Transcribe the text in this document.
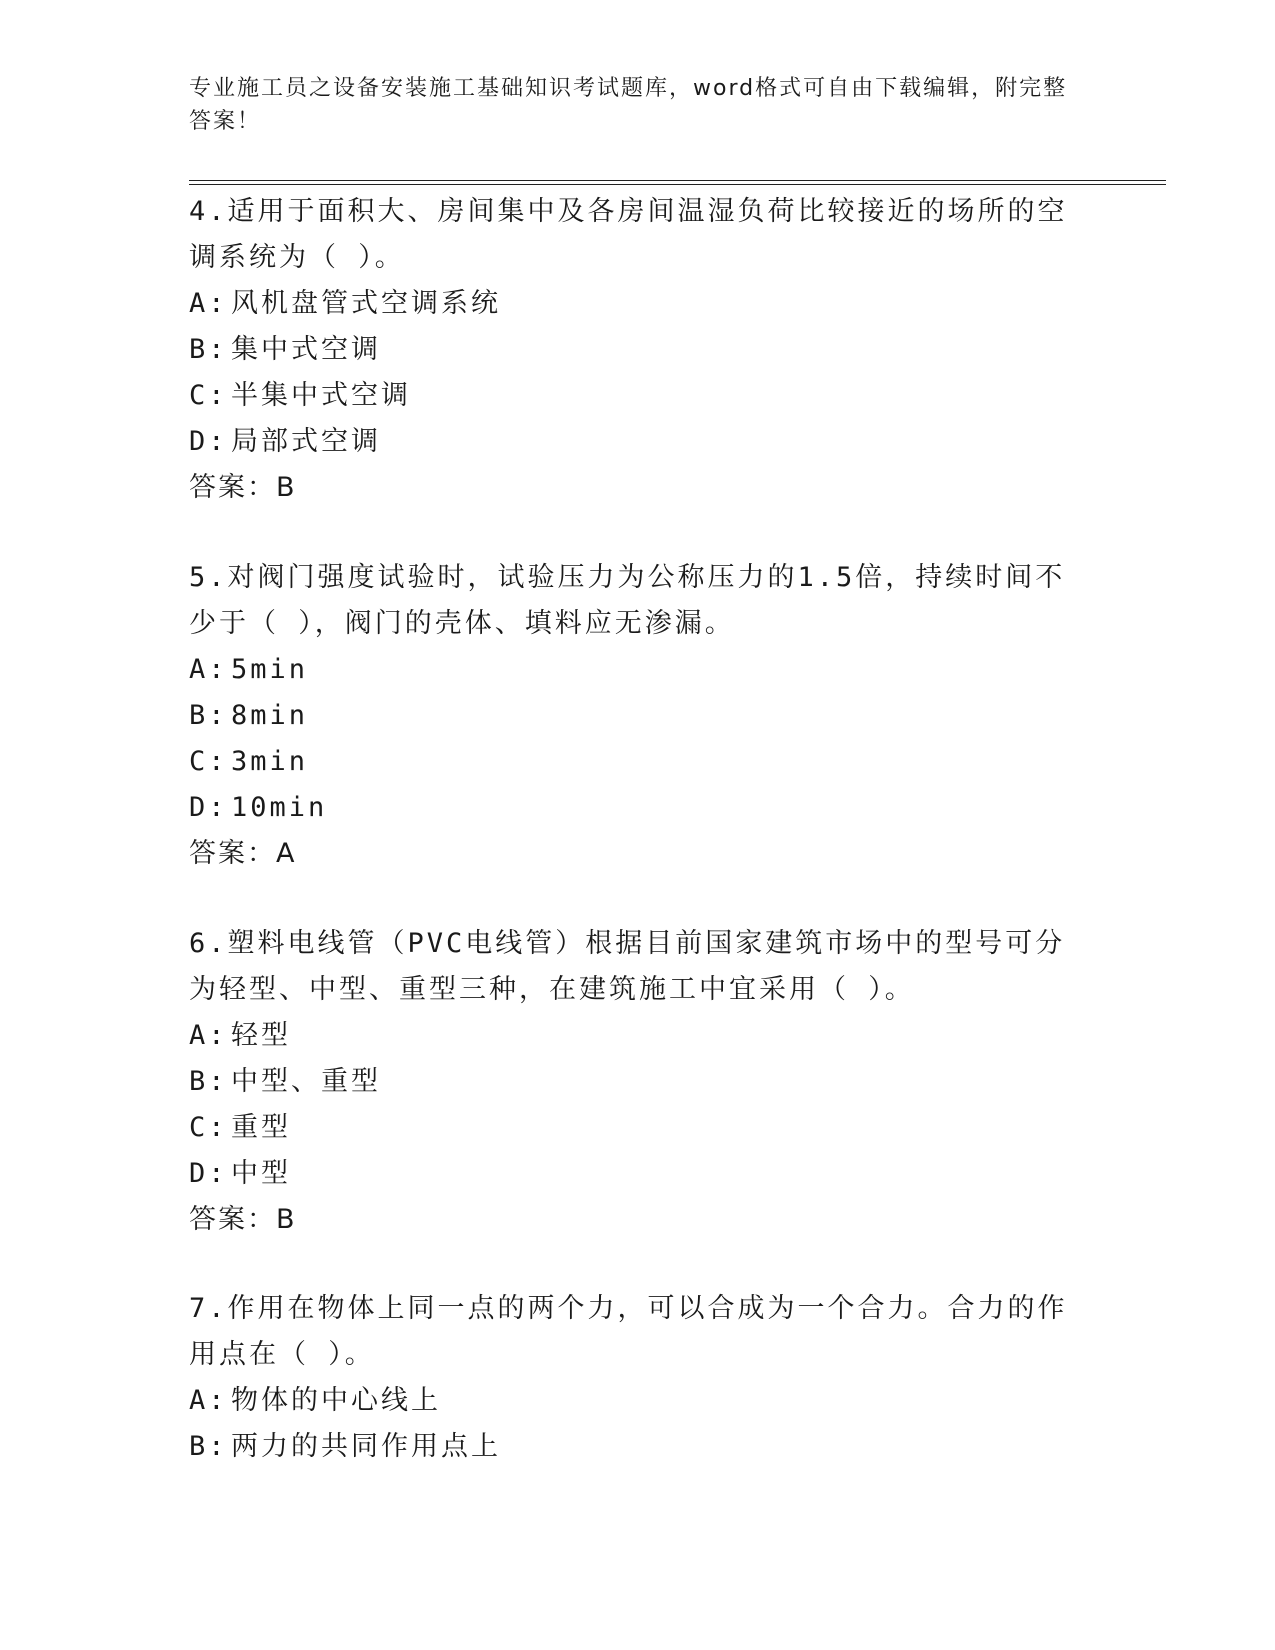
专业施工员之设备安装施工基础知识考试题库，word格式可自由下载编辑，附完整答案！

4.适用于面积大、房间集中及各房间温湿负荷比较接近的场所的空调系统为（ ）。

A: 风机盘管式空调系统
B: 集中式空调
C: 半集中式空调
D: 局部式空调
答案：B

5.对阀门强度试验时，试验压力为公称压力的1.5倍，持续时间不少于（ ），阀门的壳体、填料应无渗漏。

A: 5min
B: 8min
C: 3min
D: 10min
答案：A

6.塑料电线管（PVC电线管）根据目前国家建筑市场中的型号可分为轻型、中型、重型三种，在建筑施工中宜采用（ ）。

A: 轻型
B: 中型、重型
C: 重型
D: 中型
答案：B

7.作用在物体上同一点的两个力，可以合成为一个合力。合力的作用点在（ ）。

A: 物体的中心线上
B: 两力的共同作用点上
